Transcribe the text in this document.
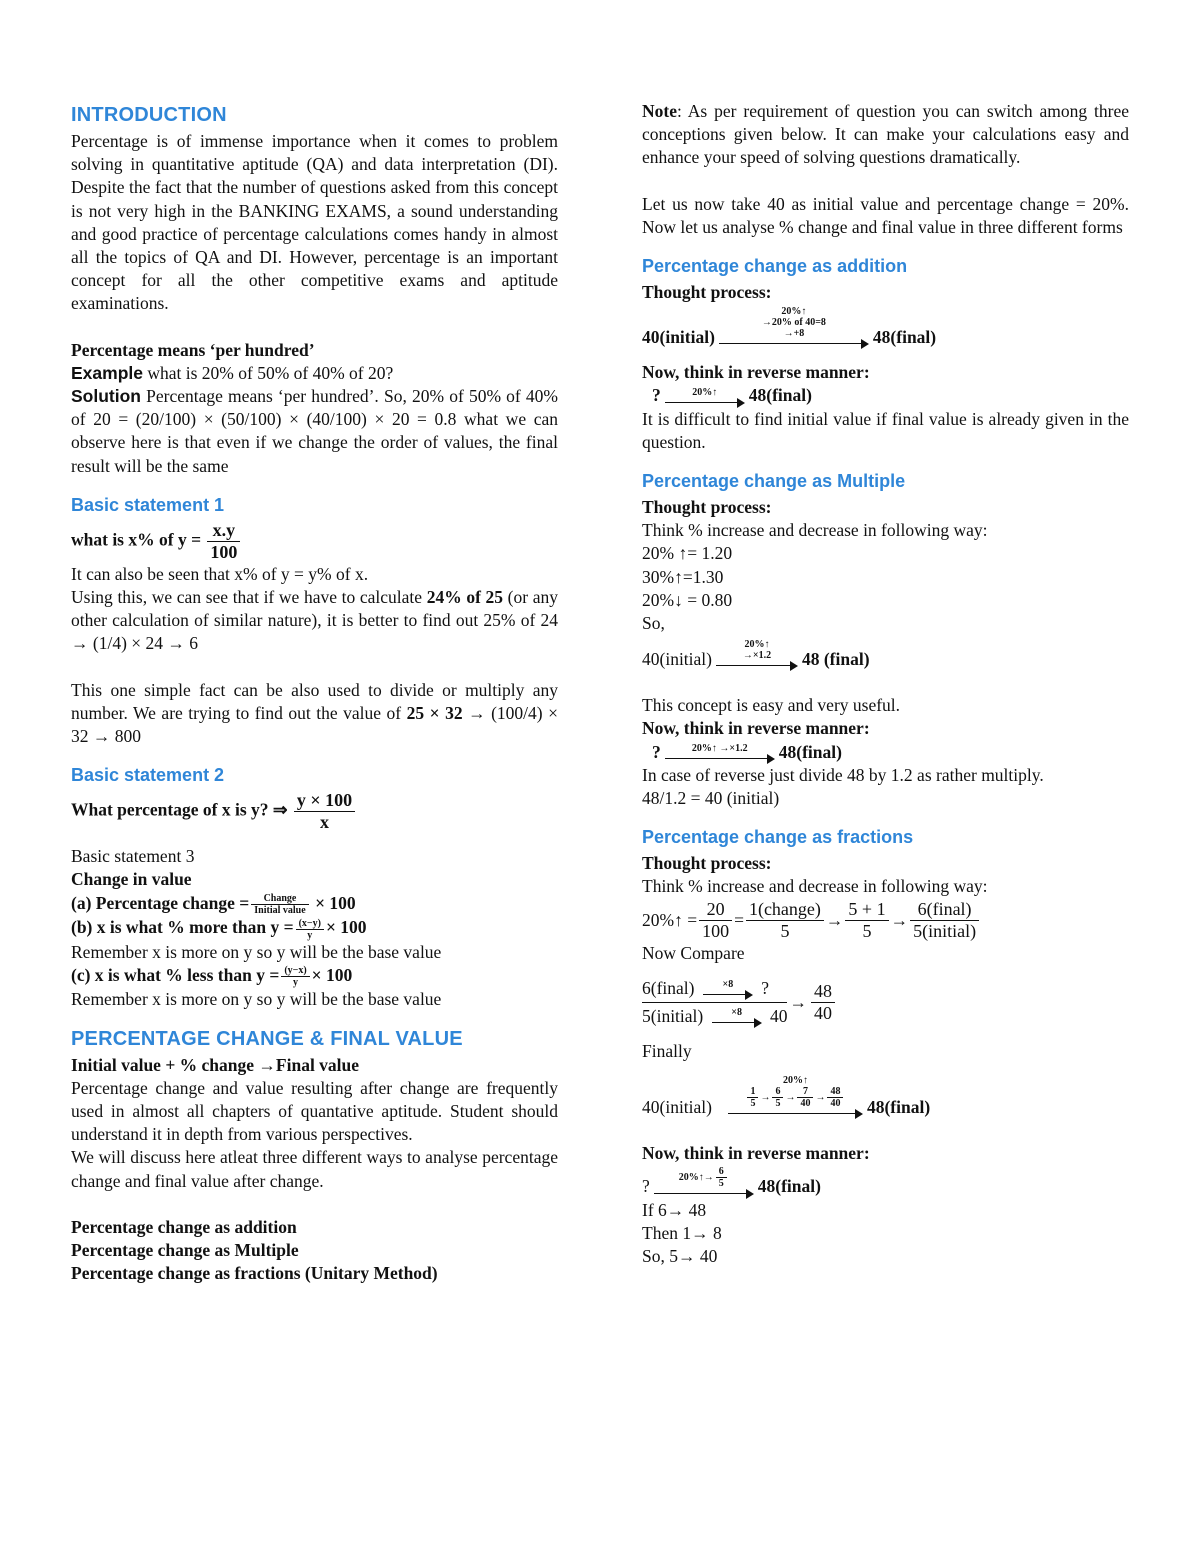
INTRODUCTION

Percentage is of immense importance when it comes to problem solving in quantitative aptitude (QA) and data interpretation (DI). Despite the fact that the number of questions asked from this concept is not very high in the BANKING EXAMS, a sound understanding and good practice of percentage calculations comes handy in almost all the topics of QA and DI. However, percentage is an important concept for all the other competitive exams and aptitude examinations.

Percentage means ‘per hundred’
Example what is 20% of 50% of 40% of 20?

Solution Percentage means ‘per hundred’. So, 20% of 50% of 40% of 20 = (20/100) × (50/100) × (40/100) × 20 = 0.8 what we can observe here is that even if we change the order of values, the final result will be the same

Basic statement 1
what is x% of $y = \frac{x.y}{100}$
It can also be seen that x% of y = y% of x.

Using this, we can see that if we have to calculate 24% of 25 (or any other calculation of similar nature), it is better to find out 25% of 24 → (1/4) × 24 → 6

This one simple fact can be also used to divide or multiply any number. We are trying to find out the value of 25 × 32 → (100/4) × 32 → 800

Basic statement 2
What percentage of x is y? ⇒ $\frac{y \times 100}{x}$
Basic statement 3
Change in value
(a) Percentage change = $\frac{\text{Change}}{\text{Initial value}} \times 100$
(b) x is what % more than $y = \frac{(x-y)}{y} \times 100$
Remember x is more on y so y will be the base value
(c) x is what % less than $y = \frac{(y-x)}{y} \times 100$
Remember x is more on y so y will be the base value
PERCENTAGE CHANGE & FINAL VALUE
Initial value + % change →Final value

Percentage change and value resulting after change are frequently used in almost all chapters of quantative aptitude. Student should understand it in depth from various perspectives.

We will discuss here atleat three different ways to analyse percentage change and final value after change.

Percentage change as addition
Percentage change as Multiple
Percentage change as fractions (Unitary Method)

Note: As per requirement of question you can switch among three conceptions given below. It can make your calculations easy and enhance your speed of solving questions dramatically.

Let us now take 40 as initial value and percentage change = 20%. Now let us analyse % change and final value in three different forms

Percentage change as addition
Thought process:
40(initial)
20%↑
→20% of 40=8
→+8	48(final)
Now, think in reverse manner:
?	20%↑	48(final)

It is difficult to find initial value if final value is already given in the question.

Percentage change as Multiple
Thought process:
Think % increase and decrease in following way:
20% ↑= 1.20
30%↑=1.30
20%↓ = 0.80
So,
40(initial)
20%↑
→×1.2	48 (final)
This concept is easy and very useful.
Now, think in reverse manner:
?	20%↑ →×1.2	48(final)
In case of reverse just divide 48 by 1.2 as rather multiply.
48/1.2 = 40 (initial)
Percentage change as fractions
Thought process:
Think % increase and decrease in following way:
20%↑ = $\frac{20}{100} = \frac{\text{1(change)}}{5} \to \frac{5 + 1}{5} \to \frac{\text{6(final)}}{\text{5(initial)}}$
Now Compare
6(final)	×8	?
5(initial)	×8	40
→ $\frac{48}{40}$
Finally
40(initial)
20%↑
$\frac{1}{5} \to \frac{6}{5} \to \frac{7}{40} \to \frac{48}{40}$ 48(final)
Now, think in reverse manner:
?	20%↑→ $\frac{6}{5}$ 48(final)
If 6→ 48
Then 1→ 8
So, 5→ 40
